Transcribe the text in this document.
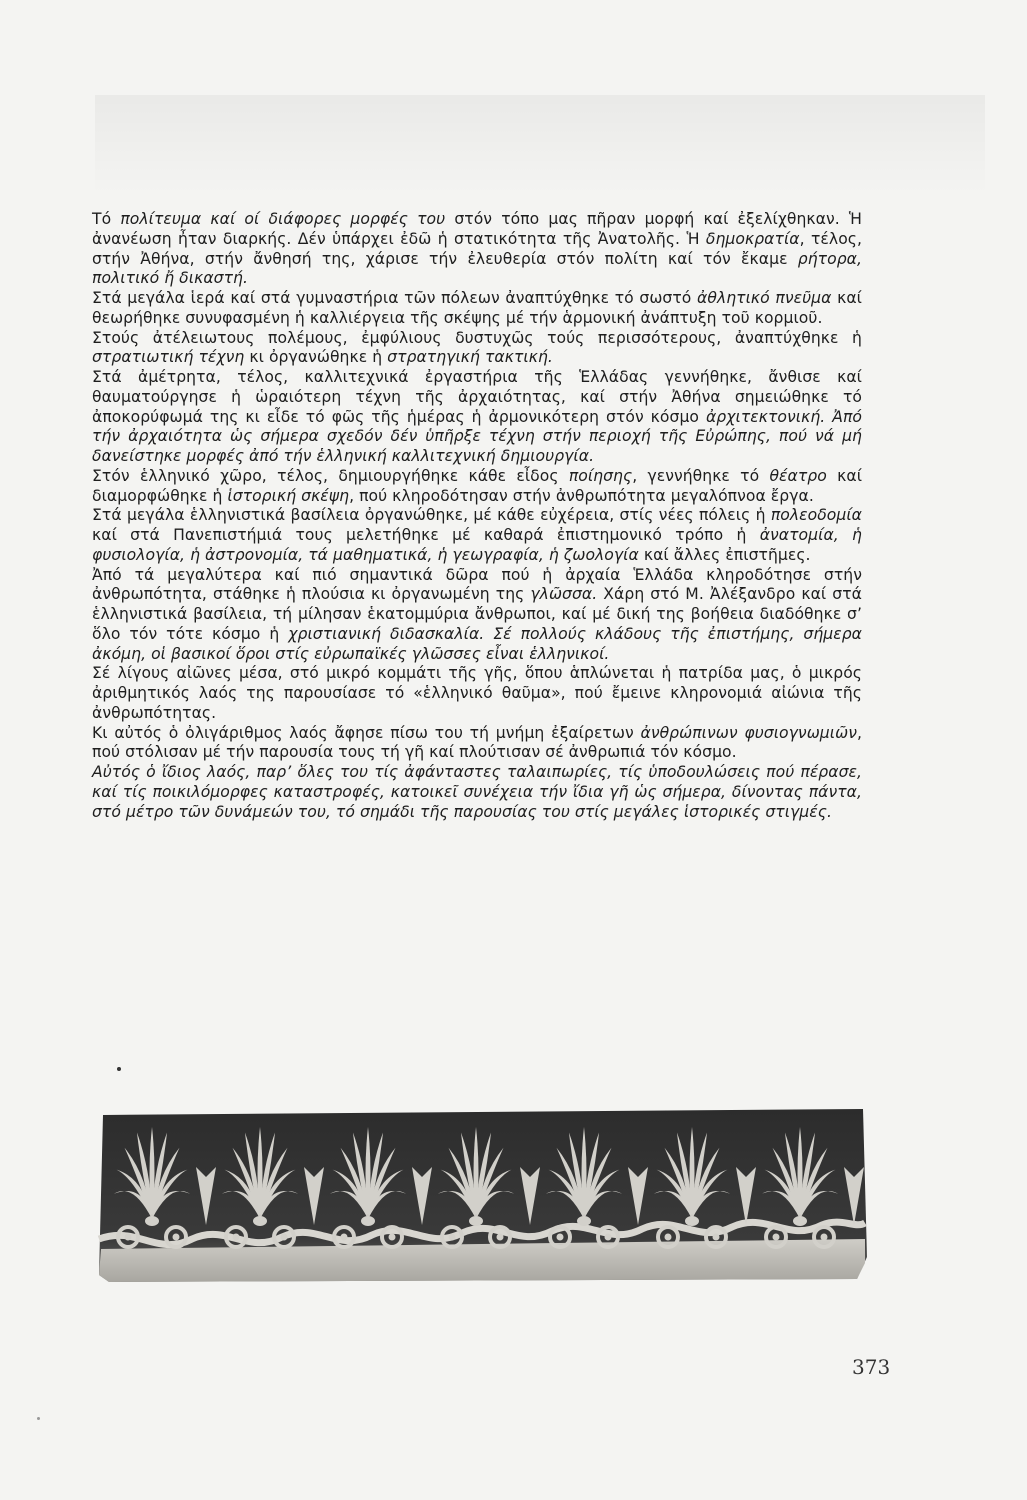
Τό πολίτευμα καί οί διάφορες μορφές του στόν τόπο μας πῆραν μορφή καί ἐξελίχθηκαν. Ἡ ἀνανέωση ἦταν διαρκής. Δέν ὑπάρχει ἐδῶ ἡ στατικότητα τῆς Ἀνατολῆς. Ἡ δημοκρατία, τέλος, στήν Ἀθήνα, στήν ἄνθησή της, χάρισε τήν ἐλευθερία στόν πολίτη καί τόν ἔκαμε ρήτορα, πολιτικό ἤ δικαστή.

Στά μεγάλα ἱερά καί στά γυμναστήρια τῶν πόλεων ἀναπτύχθηκε τό σωστό ἀθλητικό πνεῦμα καί θεωρήθηκε συνυφασμένη ἡ καλλιέργεια τῆς σκέψης μέ τήν ἁρμονική ἀνάπτυξη τοῦ κορμιοῦ.

Στούς ἀτέλειωτους πολέμους, ἐμφύλιους δυστυχῶς τούς περισσότερους, ἀναπτύχθηκε ἡ στρατιωτική τέχνη κι ὀργανώθηκε ἡ στρατηγική τακτική.

Στά ἀμέτρητα, τέλος, καλλιτεχνικά ἐργαστήρια τῆς Ἑλλάδας γεννήθηκε, ἄνθισε καί θαυματούργησε ἡ ὡραιότερη τέχνη τῆς ἀρχαιότητας, καί στήν Ἀθήνα σημειώθηκε τό ἀποκορύφωμά της κι εἶδε τό φῶς τῆς ἡμέρας ἡ ἀρμονικότερη στόν κόσμο ἀρχιτεκτονική. Ἀπό τήν ἀρχαιότητα ὡς σήμερα σχεδόν δέν ὑπῆρξε τέχνη στήν περιοχή τῆς Εὐρώπης, πού νά μή δανείστηκε μορφές ἀπό τήν ἑλληνική καλλιτεχνική δημιουργία.

Στόν ἑλληνικό χῶρο, τέλος, δημιουργήθηκε κάθε εἶδος ποίησης, γεννήθηκε τό θέατρο καί διαμορφώθηκε ἡ ἱστορική σκέψη, πού κληροδότησαν στήν ἀνθρωπότητα μεγαλόπνοα ἔργα.

Στά μεγάλα ἑλληνιστικά βασίλεια ὀργανώθηκε, μέ κάθε εὐχέρεια, στίς νέες πόλεις ἡ πολεοδομία καί στά Πανεπιστήμιά τους μελετήθηκε μέ καθαρά ἐπιστημονικό τρόπο ἡ ἀνατομία, ἡ φυσιολογία, ἡ ἀστρονομία, τά μαθηματικά, ἡ γεωγραφία, ἡ ζωολογία καί ἄλλες ἐπιστῆμες.

Ἀπό τά μεγαλύτερα καί πιό σημαντικά δῶρα πού ἡ ἀρχαία Ἑλλάδα κληροδότησε στήν ἀνθρωπότητα, στάθηκε ἡ πλούσια κι ὀργανωμένη της γλῶσσα. Χάρη στό Μ. Ἀλέξανδρο καί στά ἑλληνιστικά βασίλεια, τή μίλησαν ἑκατομμύρια ἄνθρωποι, καί μέ δική της βοήθεια διαδόθηκε σ’ ὅλο τόν τότε κόσμο ἡ χριστιανική διδασκαλία. Σέ πολλούς κλάδους τῆς ἐπιστήμης, σήμερα ἀκόμη, οἱ βασικοί ὅροι στίς εὐρωπαϊκές γλῶσσες εἶναι ἑλληνικοί.

Σέ λίγους αἰῶνες μέσα, στό μικρό κομμάτι τῆς γῆς, ὅπου ἁπλώνεται ἡ πατρίδα μας, ὁ μικρός ἀριθμητικός λαός της παρουσίασε τό «ἑλληνικό θαῦμα», πού ἔμεινε κληρονομιά αἰώνια τῆς ἀνθρωπότητας.

Κι αὐτός ὁ ὀλιγάριθμος λαός ἄφησε πίσω του τή μνήμη ἐξαίρετων ἀνθρώπινων φυσιογνωμιῶν, πού στόλισαν μέ τήν παρουσία τους τή γῆ καί πλούτισαν σέ ἀνθρωπιά τόν κόσμο.

Αὐτός ὁ ἴδιος λαός, παρ’ ὅλες του τίς ἀφάνταστες ταλαιπωρίες, τίς ὑποδουλώσεις πού πέρασε, καί τίς ποικιλόμορφες καταστροφές, κατοικεῖ συνέχεια τήν ἴδια γῆ ὡς σήμερα, δίνοντας πάντα, στό μέτρο τῶν δυνάμεών του, τό σημάδι τῆς παρουσίας του στίς μεγάλες ἱστορικές στιγμές.

373
